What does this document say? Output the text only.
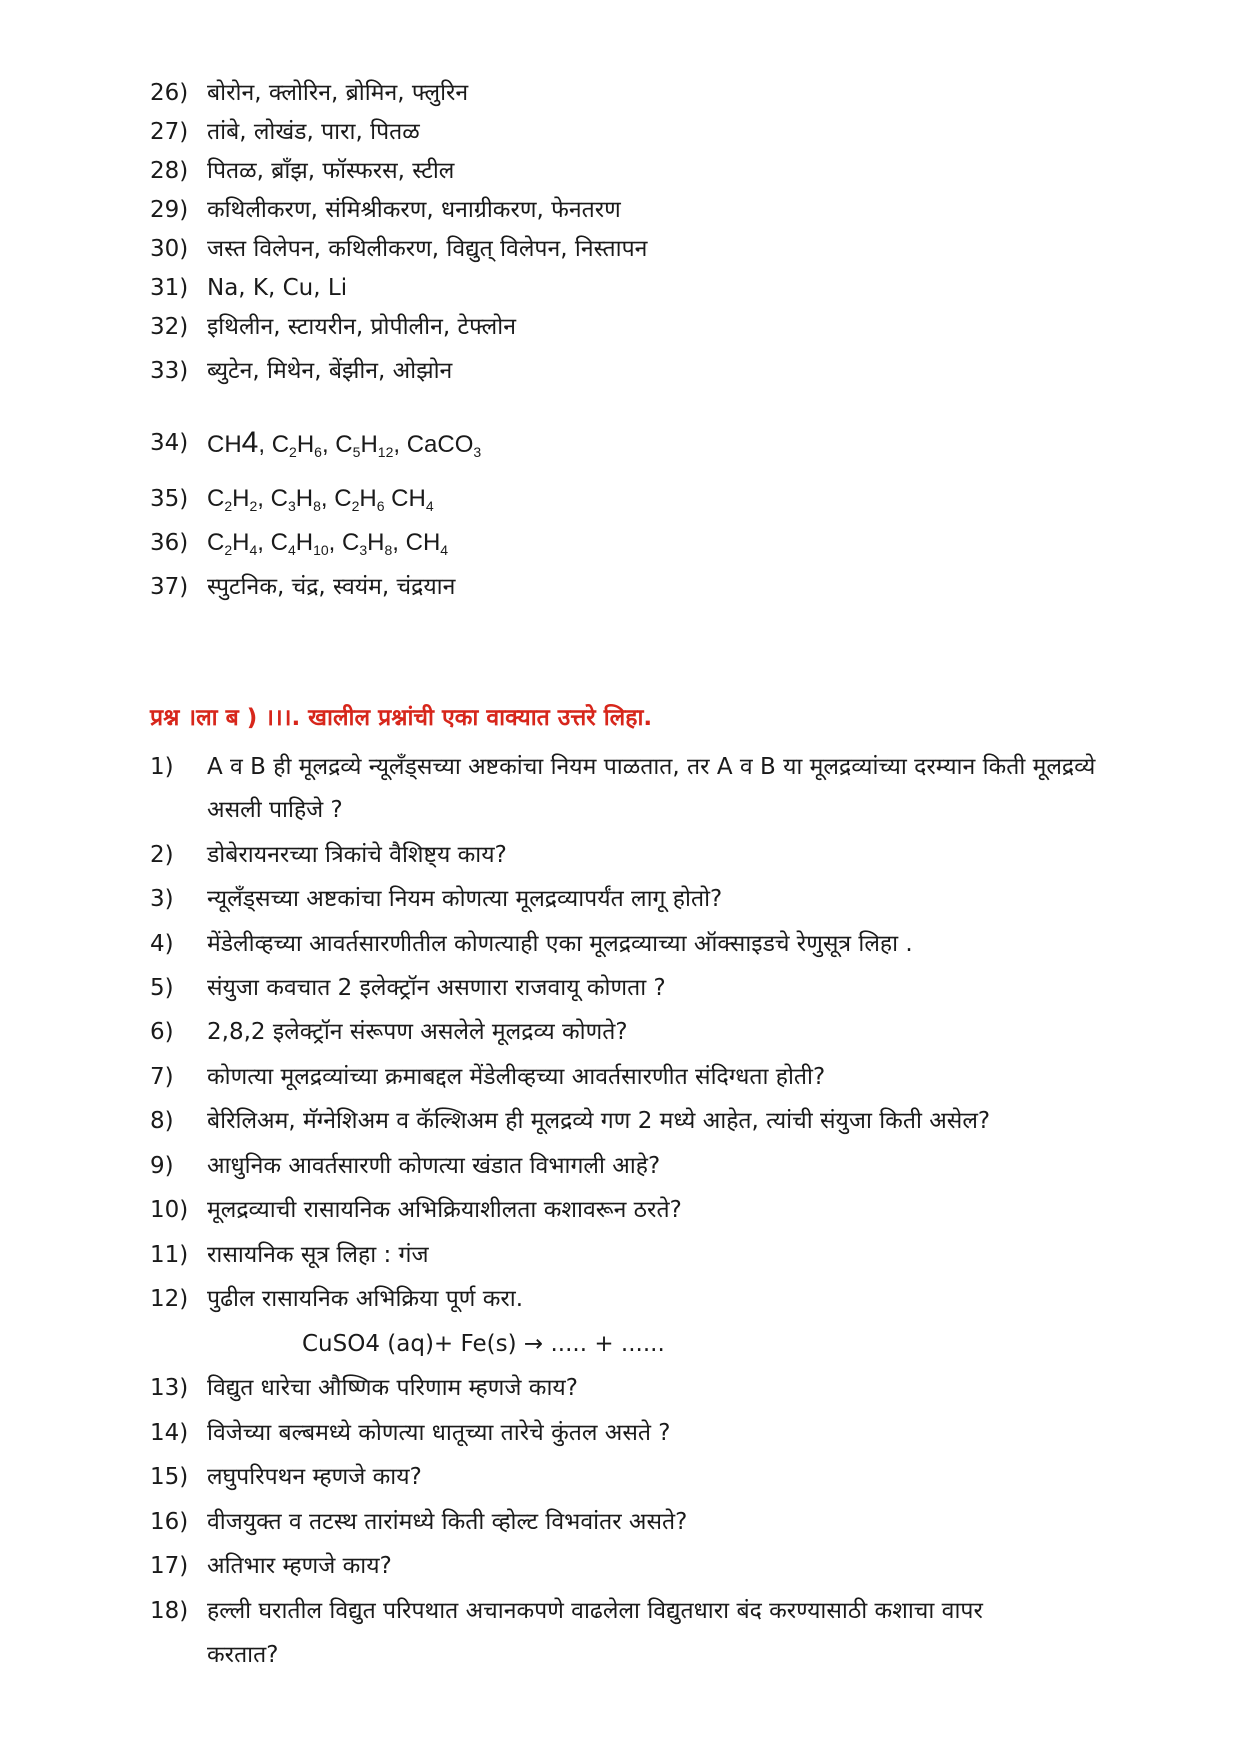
26) बोरोन, क्लोरिन, ब्रोमिन, फ्लुरिन
27) तांबे, लोखंड, पारा, पितळ
28) पितळ, ब्राँझ, फॉस्फरस, स्टील
29) कथिलीकरण, संमिश्रीकरण, धनाग्रीकरण, फेनतरण
30) जस्त विलेपन, कथिलीकरण, विद्युत् विलेपन, निस्तापन
31) Na, K, Cu, Li
32) इथिलीन, स्टायरीन, प्रोपीलीन, टेफ्लोन
33) ब्युटेन, मिथेन, बेंझीन, ओझोन
34) CH4, $C_2H_6$, $C_5H_{12}$, CaCO$_3$
35) $C_2H_2$, $C_3H_8$, $C_2H_6$ $CH_4$
36) $C_2H_4$, $C_4H_{10}$, $C_3H_8$, $CH_4$
37) स्पुटनिक, चंद्र, स्वयंम, चंद्रयान
प्रश्न ।ला ब ) ।।।. खालील प्रश्नांची एका वाक्यात उत्तरे लिहा.
1) A व B ही मूलद्रव्ये न्यूलँड्सच्या अष्टकांचा नियम पाळतात, तर A व B या मूलद्रव्यांच्या दरम्यान किती मूलद्रव्ये
असली पाहिजे ?
2) डोबेरायनरच्या त्रिकांचे वैशिष्ट्य काय?
3) न्यूलँड्सच्या अष्टकांचा नियम कोणत्या मूलद्रव्यापर्यंत लागू होतो?
4) मेंडेलीव्हच्या आवर्तसारणीतील कोणत्याही एका मूलद्रव्याच्या ऑक्साइडचे रेणुसूत्र लिहा .
5) संयुजा कवचात 2 इलेक्ट्रॉन असणारा राजवायू कोणता ?
6) 2,8,2 इलेक्ट्रॉन संरूपण असलेले मूलद्रव्य कोणते?
7) कोणत्या मूलद्रव्यांच्या क्रमाबद्दल मेंडेलीव्हच्या आवर्तसारणीत संदिग्धता होती?
8) बेरिलिअम, मॅग्नेशिअम व कॅल्शिअम ही मूलद्रव्ये गण 2 मध्ये आहेत, त्यांची संयुजा किती असेल?
9) आधुनिक आवर्तसारणी कोणत्या खंडात विभागली आहे?
10) मूलद्रव्याची रासायनिक अभिक्रियाशीलता कशावरून ठरते?
11) रासायनिक सूत्र लिहा : गंज
12) पुढील रासायनिक अभिक्रिया पूर्ण करा.
CuSO4 (aq)+ Fe(s) → ..... + ......
13) विद्युत धारेचा औष्णिक परिणाम म्हणजे काय?
14) विजेच्या बल्बमध्ये कोणत्या धातूच्या तारेचे कुंतल असते ?
15) लघुपरिपथन म्हणजे काय?
16) वीजयुक्त व तटस्थ तारांमध्ये किती व्होल्ट विभवांतर असते?
17) अतिभार म्हणजे काय?
18) हल्ली घरातील विद्युत परिपथात अचानकपणे वाढलेला विद्युतधारा बंद करण्यासाठी कशाचा वापर
करतात?
